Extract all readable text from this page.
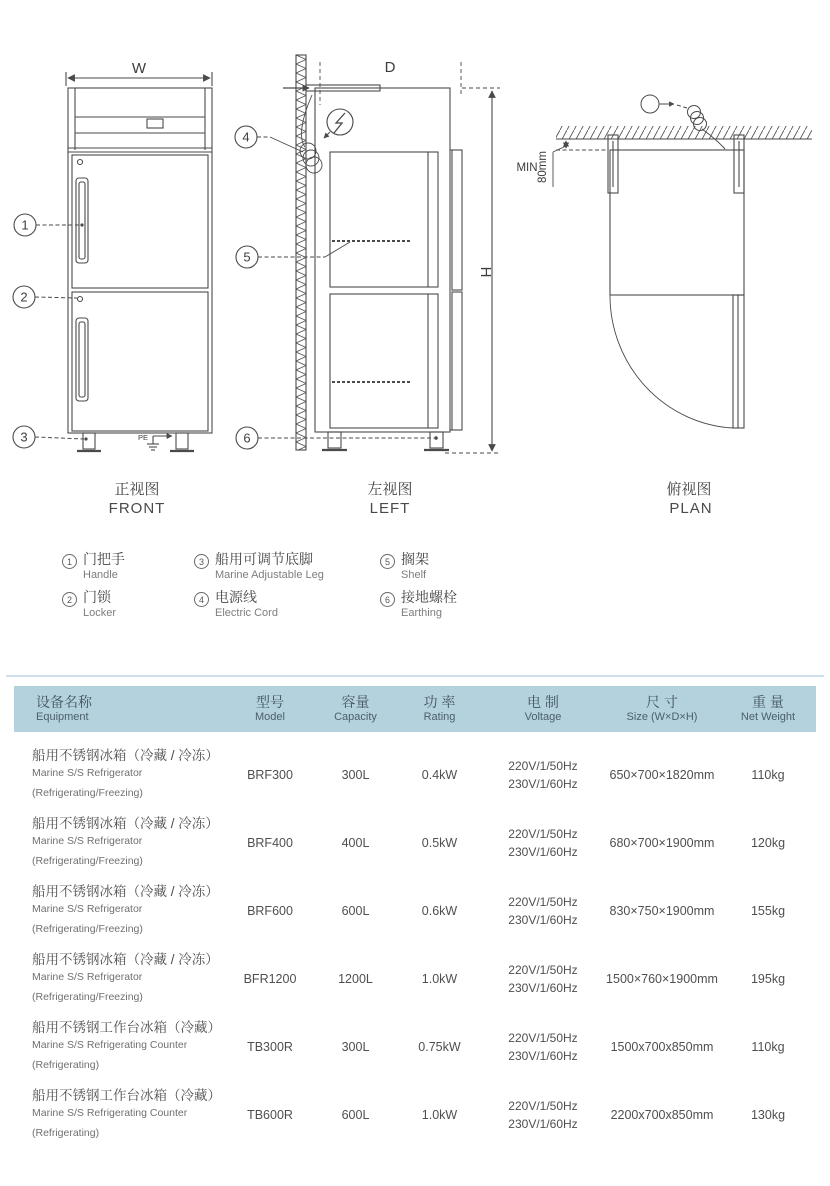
W
PE
1
2
3
正视图
FRONT
D
H
4
5
6
左视图
LEFT
MIN 80mm
俯视图
PLAN
1 门把手
Handle
2 门锁
Locker
3 船用可调节底脚
Marine Adjustable Leg
4 电源线
Electric Cord
5 搁架
Shelf
6 接地螺栓
Earthing
设备名称
Equipment
型号
Model
容量
Capacity
功 率
Rating
电 制
Voltage
尺 寸
Size (W×D×H)
重 量
Net Weight
船用不锈钢冰箱（冷藏 / 冷冻）
Marine S/S Refrigerator
(Refrigerating/Freezing)
BRF300	300L	0.4kW
220V/1/50Hz
230V/1/60Hz
650×700×1820mm	110kg
船用不锈钢冰箱（冷藏 / 冷冻）
Marine S/S Refrigerator
(Refrigerating/Freezing)
BRF400	400L	0.5kW
220V/1/50Hz
230V/1/60Hz
680×700×1900mm	120kg
船用不锈钢冰箱（冷藏 / 冷冻）
Marine S/S Refrigerator
(Refrigerating/Freezing)
BRF600	600L	0.6kW
220V/1/50Hz
230V/1/60Hz
830×750×1900mm	155kg
船用不锈钢冰箱（冷藏 / 冷冻）
Marine S/S Refrigerator
(Refrigerating/Freezing)
BFR1200	1200L	1.0kW
220V/1/50Hz
230V/1/60Hz
1500×760×1900mm	195kg
船用不锈钢工作台冰箱（冷藏）
Marine S/S Refrigerating Counter
(Refrigerating)
TB300R	300L	0.75kW
220V/1/50Hz
230V/1/60Hz
1500x700x850mm	110kg
船用不锈钢工作台冰箱（冷藏）
Marine S/S Refrigerating Counter
(Refrigerating)
TB600R	600L	1.0kW
220V/1/50Hz
230V/1/60Hz
2200x700x850mm	130kg
